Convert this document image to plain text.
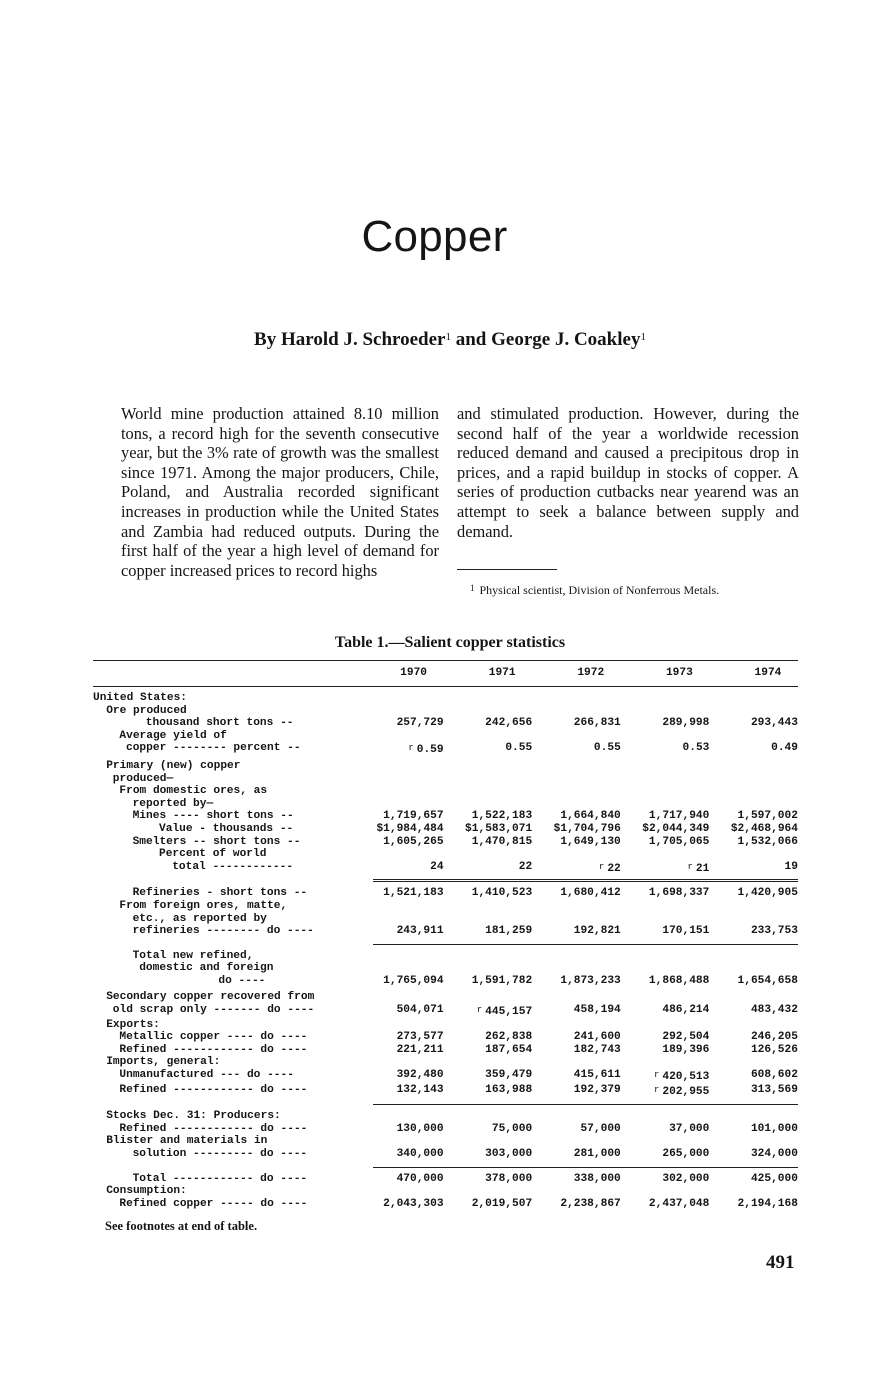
Copper
By Harold J. Schroeder$^1$ and George J. Coakley$^1$

World mine production attained 8.10 million tons, a record high for the seventh consecutive year, but the 3% rate of growth was the smallest since 1971. Among the major producers, Chile, Poland, and Australia recorded significant increases in production while the United States and Zambia had reduced outputs. During the first half of the year a high level of demand for copper increased prices to record highs

and stimulated production. However, during the second half of the year a worldwide recession reduced demand and caused a precipitous drop in prices, and a rapid buildup in stocks of copper. A series of production cutbacks near yearend was an attempt to seek a balance between supply and demand.

$^1$ Physical scientist, Division of Nonferrous Metals.
Table 1.—Salient copper statistics
1970	1971	1972	1973	1974
United States:
Ore produced
thousand short tons --	257,729	242,656	266,831	289,998	293,443
Average yield of
copper -------- percent --	r 0.59	0.55	0.55	0.53	0.49
Primary (new) copper
produced—
From domestic ores, as
reported by—
Mines ---- short tons --	1,719,657	1,522,183	1,664,840	1,717,940	1,597,002
Value - thousands --	$1,984,484	$1,583,071	$1,704,796	$2,044,349	$2,468,964
Smelters -- short tons --	1,605,265	1,470,815	1,649,130	1,705,065	1,532,066
Percent of world
total ------------	24	22	r 22	r 21	19
Refineries - short tons --	1,521,183	1,410,523	1,680,412	1,698,337	1,420,905
From foreign ores, matte,
etc., as reported by
refineries -------- do ----	243,911	181,259	192,821	170,151	233,753
Total new refined,
domestic and foreign
do ----	1,765,094	1,591,782	1,873,233	1,868,488	1,654,658
Secondary copper recovered from
old scrap only ------- do ----	504,071	r 445,157	458,194	486,214	483,432
Exports:
Metallic copper ---- do ----	273,577	262,838	241,600	292,504	246,205
Refined ------------ do ----	221,211	187,654	182,743	189,396	126,526
Imports, general:
Unmanufactured --- do ----	392,480	359,479	415,611	r 420,513	608,602
Refined ------------ do ----	132,143	163,988	192,379	r 202,955	313,569
Stocks Dec. 31: Producers:
Refined ------------ do ----	130,000	75,000	57,000	37,000	101,000
Blister and materials in
solution --------- do ----	340,000	303,000	281,000	265,000	324,000
Total ------------ do ----	470,000	378,000	338,000	302,000	425,000
Consumption:
Refined copper ----- do ----	2,043,303	2,019,507	2,238,867	2,437,048	2,194,168
See footnotes at end of table.
491
